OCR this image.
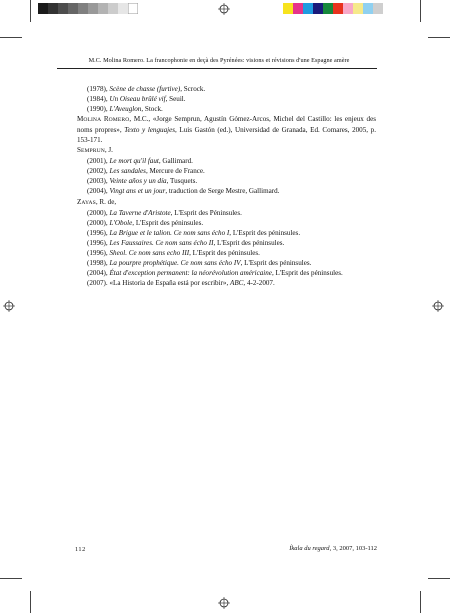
M.C. Molina Romero. La francophonie en deçà des Pyrénées: visions et révisions d'une Espagne amère

(1978), Scène de chasse (furtive), Scrock.

(1984), Un Oiseau brûlé vif, Seuil.

(1990), L'Aveuglon, Stock.

MOLINA ROMERO, M.C., «Jorge Semprun, Agustín Gómez-Arcos, Michel del Castillo: les enjeux des noms propres», Texto y lenguajes, Luis Gastón (ed.), Universidad de Granada, Ed. Comares, 2005, p. 153-171.

SEMPRUN, J.

(2001), Le mort qu'il faut, Gallimard.

(2002), Les sandales, Mercure de France.

(2003), Veinte años y un día, Tusquets.

(2004), Vingt ans et un jour, traduction de Serge Mestre, Gallimard.

ZAYAS, R. de,

(2000), La Taverne d'Aristote, L'Esprit des Péninsules.

(2000), L'Obole, L'Esprit des péninsules.

(1996), La Brigue et le talion. Ce nom sans écho I, L'Esprit des péninsules.

(1996), Les Faussaires. Ce nom sans écho II, L'Esprit des péninsules.

(1996), Sheol. Ce nom sans echo III, L'Esprit des péninsules.

(1998), La pourpre prophétique. Ce nom sans écho IV, L'Esprit des péninsules.

(2004), État d'exception permanent: la néorévolution américaine, L'Esprit des péninsules.

(2007). «La Historia de España está por escribir», ABC, 4-2-2007.

112	Íkala du regard, 3, 2007, 103-112
